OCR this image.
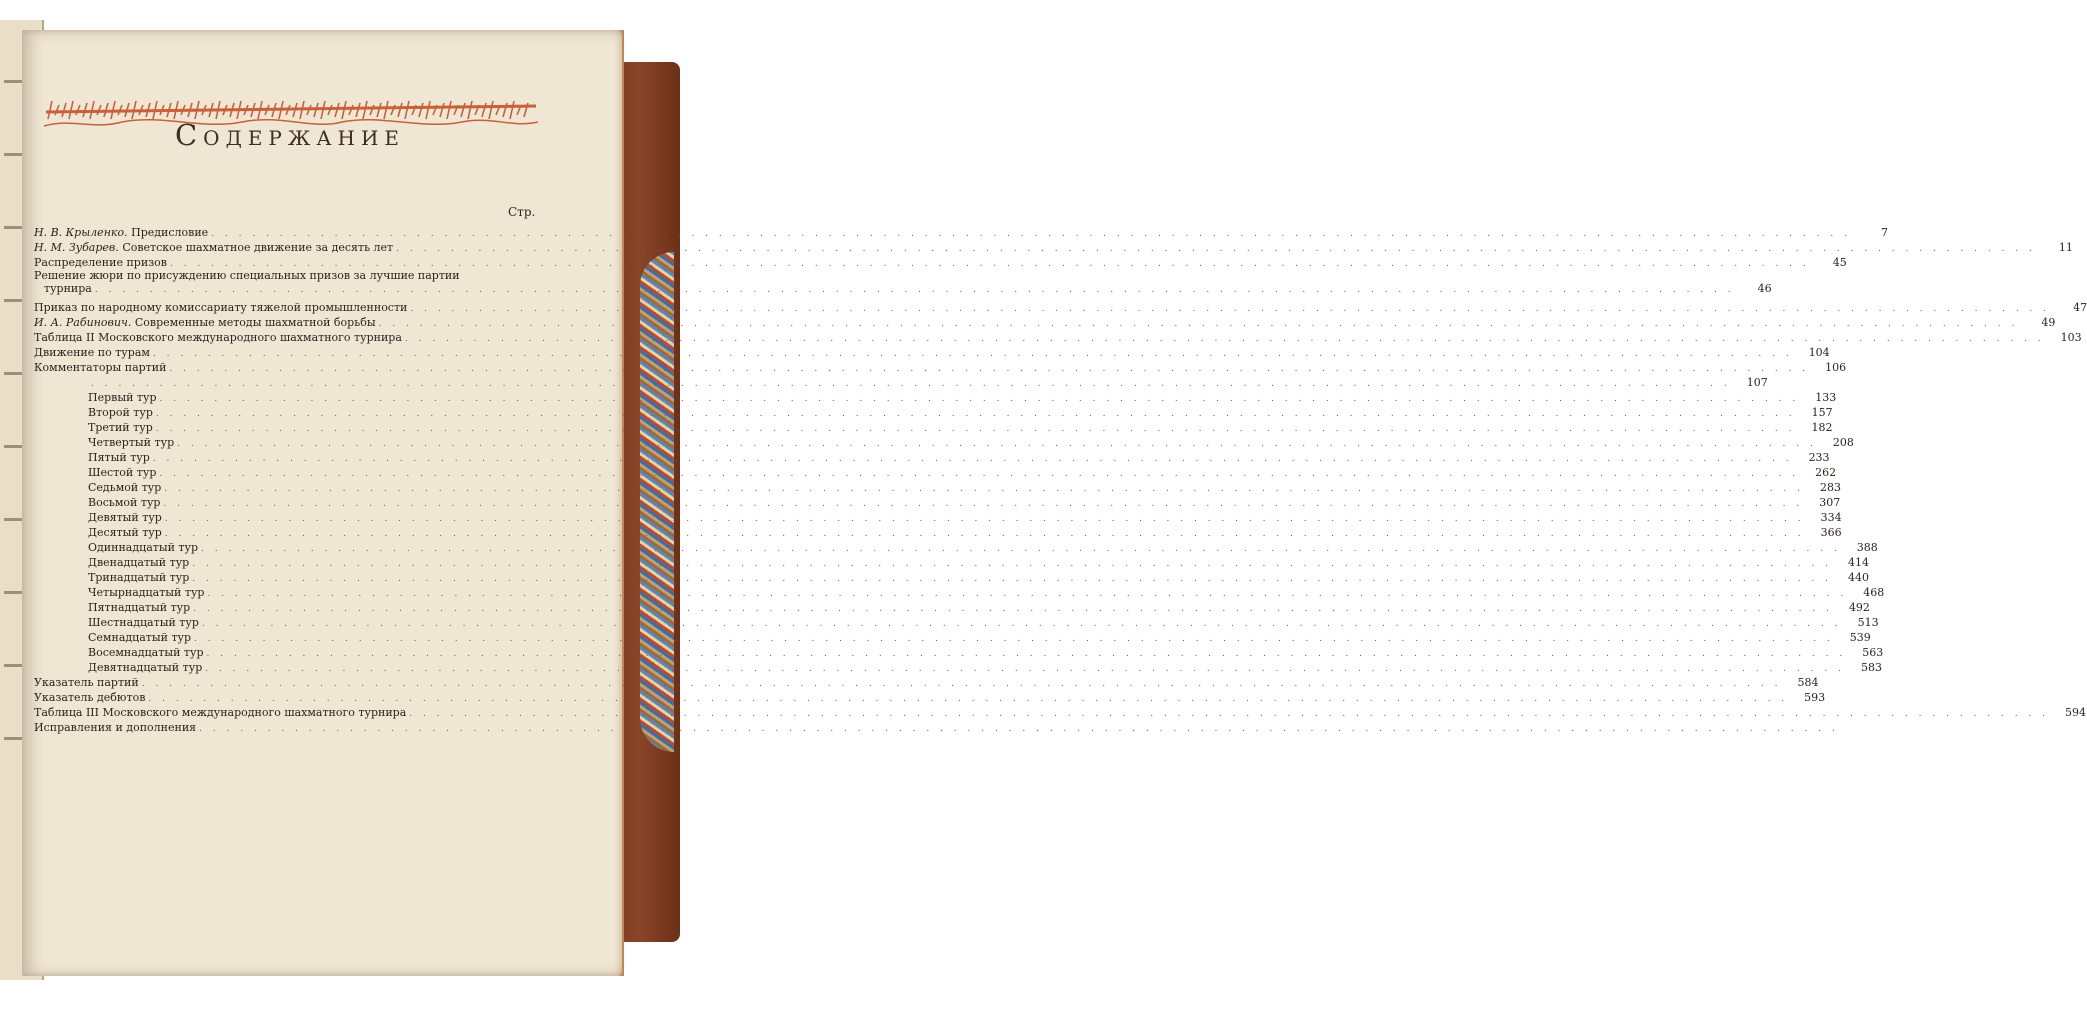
Содержание
Стр.
Н. В. Крыленко. Предисловие . . . . . . . . . . . . . . . . . . . . . . . . . . . . . . . . . . . . . . . . . . . . . . . . . . . . . . . . . . . . . . . . . . . . . . . . . . . . . . . . . . . . . . . . . . . . . . . . . . . . . . . . . . . . . . . . . . . . . . . .	7
Н. М. Зубарев. Советское шахматное движение за десять лет . . . . . . . . . . . . . . . . . . . . . . . . . . . . . . . . . . . . . . . . . . . . . . . . . . . . . . . . . . . . . . . . . . . . . . . . . . . . . . . . . . . . . . . . . . . . . . . . . . . . . . . . . . . . . . . . . . . . . . . .	11
Распределение призов . . . . . . . . . . . . . . . . . . . . . . . . . . . . . . . . . . . . . . . . . . . . . . . . . . . . . . . . . . . . . . . . . . . . . . . . . . . . . . . . . . . . . . . . . . . . . . . . . . . . . . . . . . . . . . . . . . . . . . . .	45
Решение жюри по присуждению специальных призов за лучшие партии
турнира . . . . . . . . . . . . . . . . . . . . . . . . . . . . . . . . . . . . . . . . . . . . . . . . . . . . . . . . . . . . . . . . . . . . . . . . . . . . . . . . . . . . . . . . . . . . . . . . . . . . . . . . . . . . . . . . . . . . . . . .	46
Приказ по народному комиссариату тяжелой промышленности . . . . . . . . . . . . . . . . . . . . . . . . . . . . . . . . . . . . . . . . . . . . . . . . . . . . . . . . . . . . . . . . . . . . . . . . . . . . . . . . . . . . . . . . . . . . . . . . . . . . . . . . . . . . . . . . . . . . . . . .	47
И. А. Рабинович. Современные методы шахматной борьбы . . . . . . . . . . . . . . . . . . . . . . . . . . . . . . . . . . . . . . . . . . . . . . . . . . . . . . . . . . . . . . . . . . . . . . . . . . . . . . . . . . . . . . . . . . . . . . . . . . . . . . . . . . . . . . . . . . . . . . . .	49
Таблица II Московского международного шахматного турнира . . . . . . . . . . . . . . . . . . . . . . . . . . . . . . . . . . . . . . . . . . . . . . . . . . . . . . . . . . . . . . . . . . . . . . . . . . . . . . . . . . . . . . . . . . . . . . . . . . . . . . . . . . . . . . . . . . . . . . . .	103
Движение по турам . . . . . . . . . . . . . . . . . . . . . . . . . . . . . . . . . . . . . . . . . . . . . . . . . . . . . . . . . . . . . . . . . . . . . . . . . . . . . . . . . . . . . . . . . . . . . . . . . . . . . . . . . . . . . . . . . . . . . . . .	104
Комментаторы партий . . . . . . . . . . . . . . . . . . . . . . . . . . . . . . . . . . . . . . . . . . . . . . . . . . . . . . . . . . . . . . . . . . . . . . . . . . . . . . . . . . . . . . . . . . . . . . . . . . . . . . . . . . . . . . . . . . . . . . . .	106
. . . . . . . . . . . . . . . . . . . . . . . . . . . . . . . . . . . . . . . . . . . . . . . . . . . . . . . . . . . . . . . . . . . . . . . . . . . . . . . . . . . . . . . . . . . . . . . . . . . . . . . . . . . . . . . . . . . . . . . .	107
Первый тур . . . . . . . . . . . . . . . . . . . . . . . . . . . . . . . . . . . . . . . . . . . . . . . . . . . . . . . . . . . . . . . . . . . . . . . . . . . . . . . . . . . . . . . . . . . . . . . . . . . . . . . . . . . . . . . . . . . . . . . .	133
Второй тур . . . . . . . . . . . . . . . . . . . . . . . . . . . . . . . . . . . . . . . . . . . . . . . . . . . . . . . . . . . . . . . . . . . . . . . . . . . . . . . . . . . . . . . . . . . . . . . . . . . . . . . . . . . . . . . . . . . . . . . .	157
Третий тур . . . . . . . . . . . . . . . . . . . . . . . . . . . . . . . . . . . . . . . . . . . . . . . . . . . . . . . . . . . . . . . . . . . . . . . . . . . . . . . . . . . . . . . . . . . . . . . . . . . . . . . . . . . . . . . . . . . . . . . .	182
Четвертый тур . . . . . . . . . . . . . . . . . . . . . . . . . . . . . . . . . . . . . . . . . . . . . . . . . . . . . . . . . . . . . . . . . . . . . . . . . . . . . . . . . . . . . . . . . . . . . . . . . . . . . . . . . . . . . . . . . . . . . . . .	208
Пятый тур . . . . . . . . . . . . . . . . . . . . . . . . . . . . . . . . . . . . . . . . . . . . . . . . . . . . . . . . . . . . . . . . . . . . . . . . . . . . . . . . . . . . . . . . . . . . . . . . . . . . . . . . . . . . . . . . . . . . . . . .	233
Шестой тур . . . . . . . . . . . . . . . . . . . . . . . . . . . . . . . . . . . . . . . . . . . . . . . . . . . . . . . . . . . . . . . . . . . . . . . . . . . . . . . . . . . . . . . . . . . . . . . . . . . . . . . . . . . . . . . . . . . . . . . .	262
Седьмой тур . . . . . . . . . . . . . . . . . . . . . . . . . . . . . . . . . . . . . . . . . . . . . . . . . . . . . . . . . . . . . . . . . . . . . . . . . . . . . . . . . . . . . . . . . . . . . . . . . . . . . . . . . . . . . . . . . . . . . . . .	283
Восьмой тур . . . . . . . . . . . . . . . . . . . . . . . . . . . . . . . . . . . . . . . . . . . . . . . . . . . . . . . . . . . . . . . . . . . . . . . . . . . . . . . . . . . . . . . . . . . . . . . . . . . . . . . . . . . . . . . . . . . . . . . .	307
Девятый тур . . . . . . . . . . . . . . . . . . . . . . . . . . . . . . . . . . . . . . . . . . . . . . . . . . . . . . . . . . . . . . . . . . . . . . . . . . . . . . . . . . . . . . . . . . . . . . . . . . . . . . . . . . . . . . . . . . . . . . . .	334
Десятый тур . . . . . . . . . . . . . . . . . . . . . . . . . . . . . . . . . . . . . . . . . . . . . . . . . . . . . . . . . . . . . . . . . . . . . . . . . . . . . . . . . . . . . . . . . . . . . . . . . . . . . . . . . . . . . . . . . . . . . . . .	366
Одиннадцатый тур . . . . . . . . . . . . . . . . . . . . . . . . . . . . . . . . . . . . . . . . . . . . . . . . . . . . . . . . . . . . . . . . . . . . . . . . . . . . . . . . . . . . . . . . . . . . . . . . . . . . . . . . . . . . . . . . . . . . . . . .	388
Двенадцатый тур . . . . . . . . . . . . . . . . . . . . . . . . . . . . . . . . . . . . . . . . . . . . . . . . . . . . . . . . . . . . . . . . . . . . . . . . . . . . . . . . . . . . . . . . . . . . . . . . . . . . . . . . . . . . . . . . . . . . . . . .	414
Тринадцатый тур . . . . . . . . . . . . . . . . . . . . . . . . . . . . . . . . . . . . . . . . . . . . . . . . . . . . . . . . . . . . . . . . . . . . . . . . . . . . . . . . . . . . . . . . . . . . . . . . . . . . . . . . . . . . . . . . . . . . . . . .	440
Четырнадцатый тур . . . . . . . . . . . . . . . . . . . . . . . . . . . . . . . . . . . . . . . . . . . . . . . . . . . . . . . . . . . . . . . . . . . . . . . . . . . . . . . . . . . . . . . . . . . . . . . . . . . . . . . . . . . . . . . . . . . . . . . .	468
Пятнадцатый тур . . . . . . . . . . . . . . . . . . . . . . . . . . . . . . . . . . . . . . . . . . . . . . . . . . . . . . . . . . . . . . . . . . . . . . . . . . . . . . . . . . . . . . . . . . . . . . . . . . . . . . . . . . . . . . . . . . . . . . . .	492
Шестнадцатый тур . . . . . . . . . . . . . . . . . . . . . . . . . . . . . . . . . . . . . . . . . . . . . . . . . . . . . . . . . . . . . . . . . . . . . . . . . . . . . . . . . . . . . . . . . . . . . . . . . . . . . . . . . . . . . . . . . . . . . . . .	513
Семнадцатый тур . . . . . . . . . . . . . . . . . . . . . . . . . . . . . . . . . . . . . . . . . . . . . . . . . . . . . . . . . . . . . . . . . . . . . . . . . . . . . . . . . . . . . . . . . . . . . . . . . . . . . . . . . . . . . . . . . . . . . . . .	539
Восемнадцатый тур . . . . . . . . . . . . . . . . . . . . . . . . . . . . . . . . . . . . . . . . . . . . . . . . . . . . . . . . . . . . . . . . . . . . . . . . . . . . . . . . . . . . . . . . . . . . . . . . . . . . . . . . . . . . . . . . . . . . . . . .	563
Девятнадцатый тур . . . . . . . . . . . . . . . . . . . . . . . . . . . . . . . . . . . . . . . . . . . . . . . . . . . . . . . . . . . . . . . . . . . . . . . . . . . . . . . . . . . . . . . . . . . . . . . . . . . . . . . . . . . . . . . . . . . . . . . .	583
Указатель партий . . . . . . . . . . . . . . . . . . . . . . . . . . . . . . . . . . . . . . . . . . . . . . . . . . . . . . . . . . . . . . . . . . . . . . . . . . . . . . . . . . . . . . . . . . . . . . . . . . . . . . . . . . . . . . . . . . . . . . . .	584
Указатель дебютов . . . . . . . . . . . . . . . . . . . . . . . . . . . . . . . . . . . . . . . . . . . . . . . . . . . . . . . . . . . . . . . . . . . . . . . . . . . . . . . . . . . . . . . . . . . . . . . . . . . . . . . . . . . . . . . . . . . . . . . .	593
Таблица III Московского международного шахматного турнира . . . . . . . . . . . . . . . . . . . . . . . . . . . . . . . . . . . . . . . . . . . . . . . . . . . . . . . . . . . . . . . . . . . . . . . . . . . . . . . . . . . . . . . . . . . . . . . . . . . . . . . . . . . . . . . . . . . . . . . .	594
Исправления и дополнения . . . . . . . . . . . . . . . . . . . . . . . . . . . . . . . . . . . . . . . . . . . . . . . . . . . . . . . . . . . . . . . . . . . . . . . . . . . . . . . . . . . . . . . . . . . . . . . . . . . . . . . . . . . . . . . . . . . . . . . .
